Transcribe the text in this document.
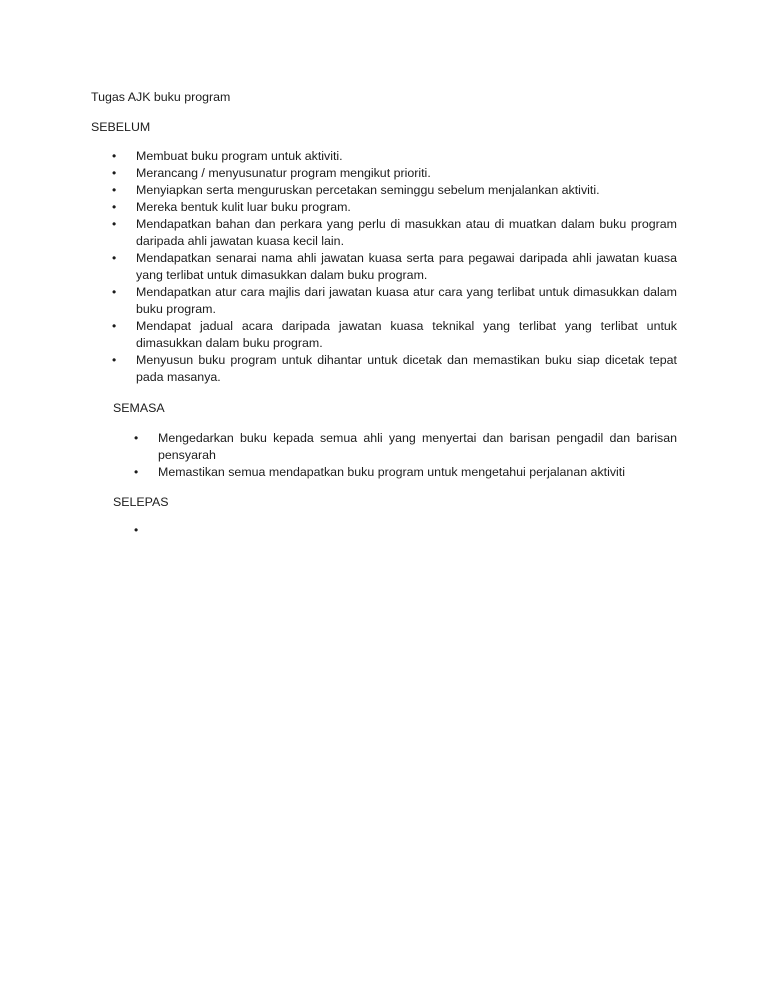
Tugas AJK buku program
SEBELUM
• Membuat buku program untuk aktiviti.
• Merancang / menyusunatur program mengikut prioriti.
• Menyiapkan serta menguruskan percetakan seminggu sebelum menjalankan aktiviti.
• Mereka bentuk kulit luar buku program.
• Mendapatkan bahan dan perkara yang perlu di masukkan atau di muatkan dalam buku program daripada ahli jawatan kuasa kecil lain.
• Mendapatkan senarai nama ahli jawatan kuasa serta para pegawai daripada ahli jawatan kuasa yang terlibat untuk dimasukkan dalam buku program.
• Mendapatkan atur cara majlis dari jawatan kuasa atur cara yang terlibat untuk dimasukkan dalam buku program.
• Mendapat jadual acara daripada jawatan kuasa teknikal yang terlibat yang terlibat untuk dimasukkan dalam buku program.
• Menyusun buku program untuk dihantar untuk dicetak dan memastikan buku siap dicetak tepat pada masanya.
SEMASA
• Mengedarkan buku kepada semua ahli yang menyertai dan barisan pengadil dan barisan pensyarah
• Memastikan semua mendapatkan buku program untuk mengetahui perjalanan aktiviti
SELEPAS
•
